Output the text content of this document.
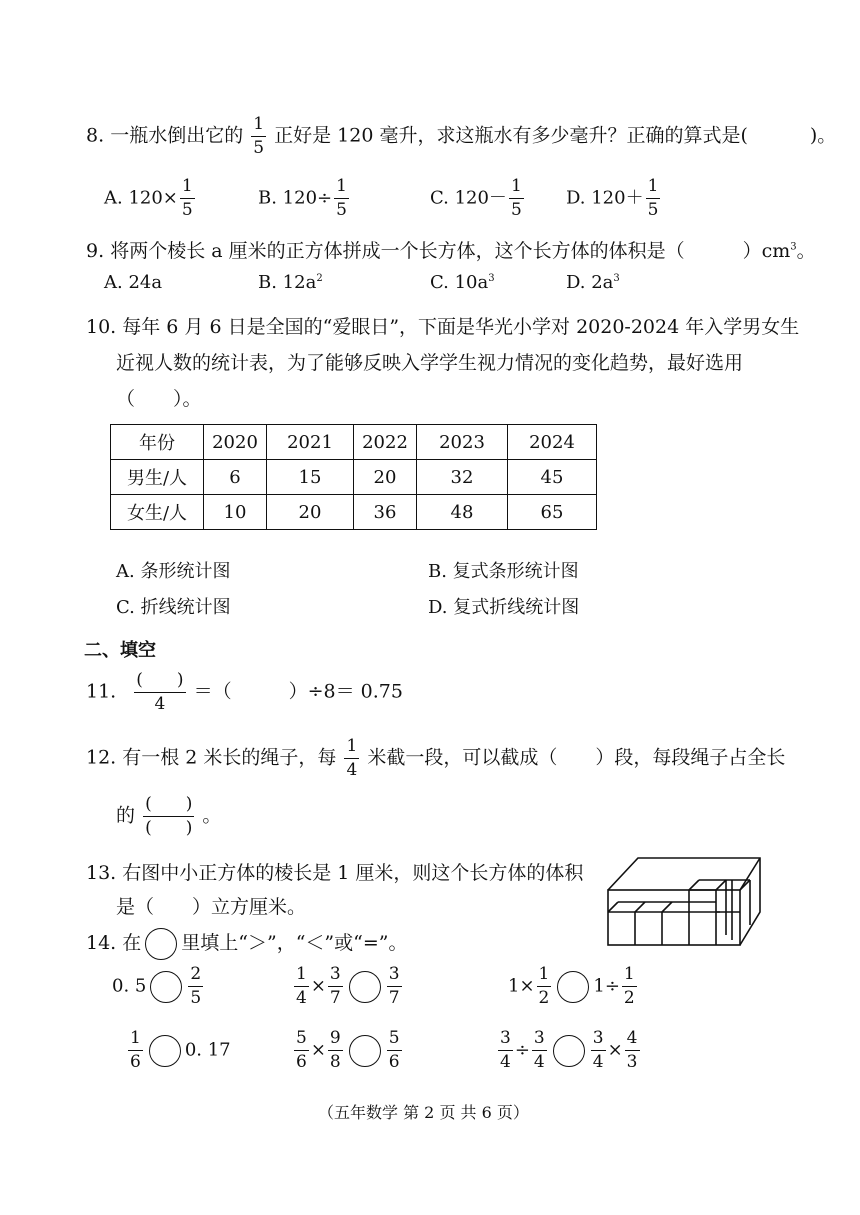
8. 一瓶水倒出它的 $\frac{1}{5}$ 正好是 120 毫升，求这瓶水有多少毫升？正确的算式是(	)。
A. $120\times \frac{1}{5}$	B. $120\div \frac{1}{5}$	C. $120- \frac{1}{5} D$. $120+ \frac{1}{5}$
9. 将两个棱长 a 厘米的正方体拼成一个长方体，这个长方体的体积是（	）$cm^3$。
A. 24a	B. $12a^2$	C. $10a^3$	D. $2a^3$
10. 每年 6 月 6 日是全国的“爱眼日”，下面是华光小学对 2020-2024 年入学男女生
近视人数的统计表，为了能够反映入学学生视力情况的变化趋势，最好选用
（　　）。
年份	2020	2021	2022	2023	2024
男生/人	6	15	20	32	45
女生/人	10	20	36	48	65
A. 条形统计图	B. 复式条形统计图
C. 折线统计图	D. 复式折线统计图
二、填空
11. $\frac{( )}{4}$ ＝（　　　）÷8＝ 0.75
12. 有一根 2 米长的绳子，每 $\frac{1}{4}$ 米截一段，可以截成（　　）段，每段绳子占全长
的 $\frac{( )}{( )}$ 。
13. 右图中小正方体的棱长是 1 厘米，则这个长方体的体积
是（　　）立方厘米。
14. 在 里填上“＞”，“＜”或“=”。
0. $5 \frac{2}{5}$	$\frac{1}{4} \times \frac{3}{7}$	$\frac{3}{7}$	$1\times \frac{1}{2} 1\div \frac{1}{2}$
$\frac{1}{6} 0$. 17	$\frac{5}{6} \times \frac{9}{8}$	$\frac{5}{6}$	$\frac{3}{4} \div \frac{3}{4}$	$\frac{3}{4} \times \frac{4}{3}$
（五年数学 第 2 页 共 6 页）
